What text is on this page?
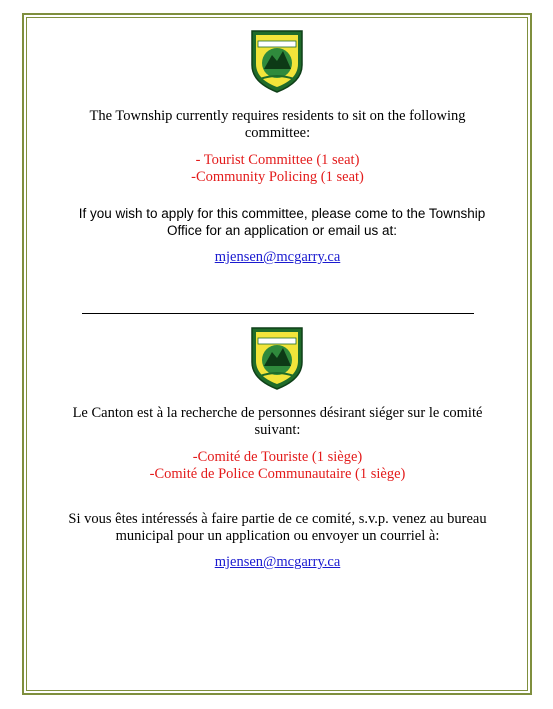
The Township currently requires residents to sit on the following committee:
- Tourist Committee (1 seat)
-Community Policing (1 seat)
If you wish to apply for this committee, please come to the Township Office for an application or email us at:
mjensen@mcgarry.ca
Le Canton est à la recherche de personnes désirant siéger sur le comité suivant:
-Comité de Touriste (1 siège)
-Comité de Police Communautaire (1 siège)
Si vous êtes intéressés à faire partie de ce comité, s.v.p. venez au bureau municipal pour un application ou envoyer un courriel à:
mjensen@mcgarry.ca
